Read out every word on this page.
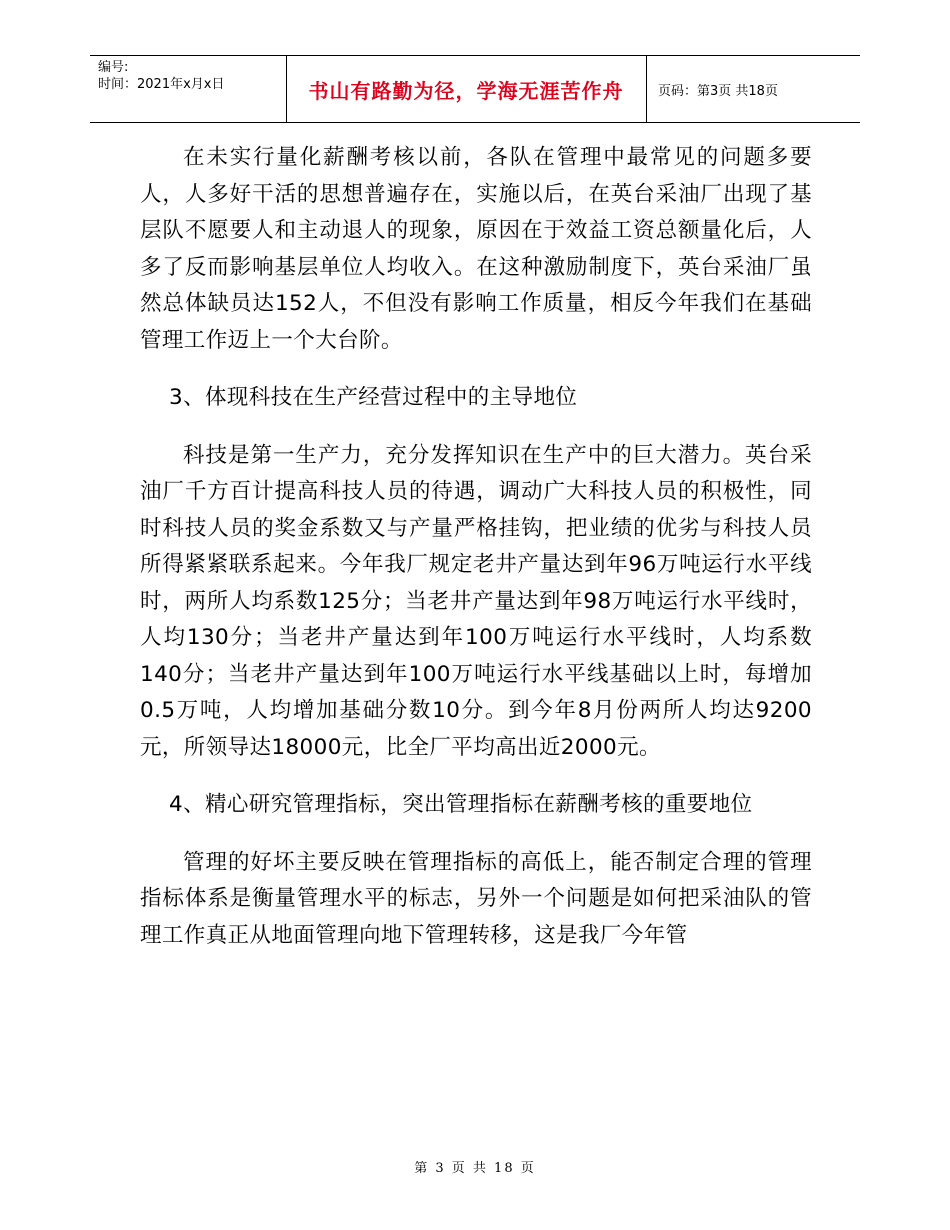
编号:
时间：2021年x月x日	书山有路勤为径，学海无涯苦作舟	页码：第3页 共18页

在未实行量化薪酬考核以前，各队在管理中最常见的问题多要人，人多好干活的思想普遍存在，实施以后，在英台采油厂出现了基层队不愿要人和主动退人的现象，原因在于效益工资总额量化后，人多了反而影响基层单位人均收入。在这种激励制度下，英台采油厂虽然总体缺员达152人，不但没有影响工作质量，相反今年我们在基础管理工作迈上一个大台阶。

3、体现科技在生产经营过程中的主导地位

科技是第一生产力，充分发挥知识在生产中的巨大潜力。英台采油厂千方百计提高科技人员的待遇，调动广大科技人员的积极性，同时科技人员的奖金系数又与产量严格挂钩，把业绩的优劣与科技人员所得紧紧联系起来。今年我厂规定老井产量达到年96万吨运行水平线时，两所人均系数125分；当老井产量达到年98万吨运行水平线时，人均130分；当老井产量达到年100万吨运行水平线时，人均系数140分；当老井产量达到年100万吨运行水平线基础以上时，每增加0.5万吨，人均增加基础分数10分。到今年8月份两所人均达9200元，所领导达18000元，比全厂平均高出近2000元。

4、精心研究管理指标，突出管理指标在薪酬考核的重要地位

管理的好坏主要反映在管理指标的高低上，能否制定合理的管理指标体系是衡量管理水平的标志，另外一个问题是如何把采油队的管理工作真正从地面管理向地下管理转移，这是我厂今年管

第 3 页 共 18 页
